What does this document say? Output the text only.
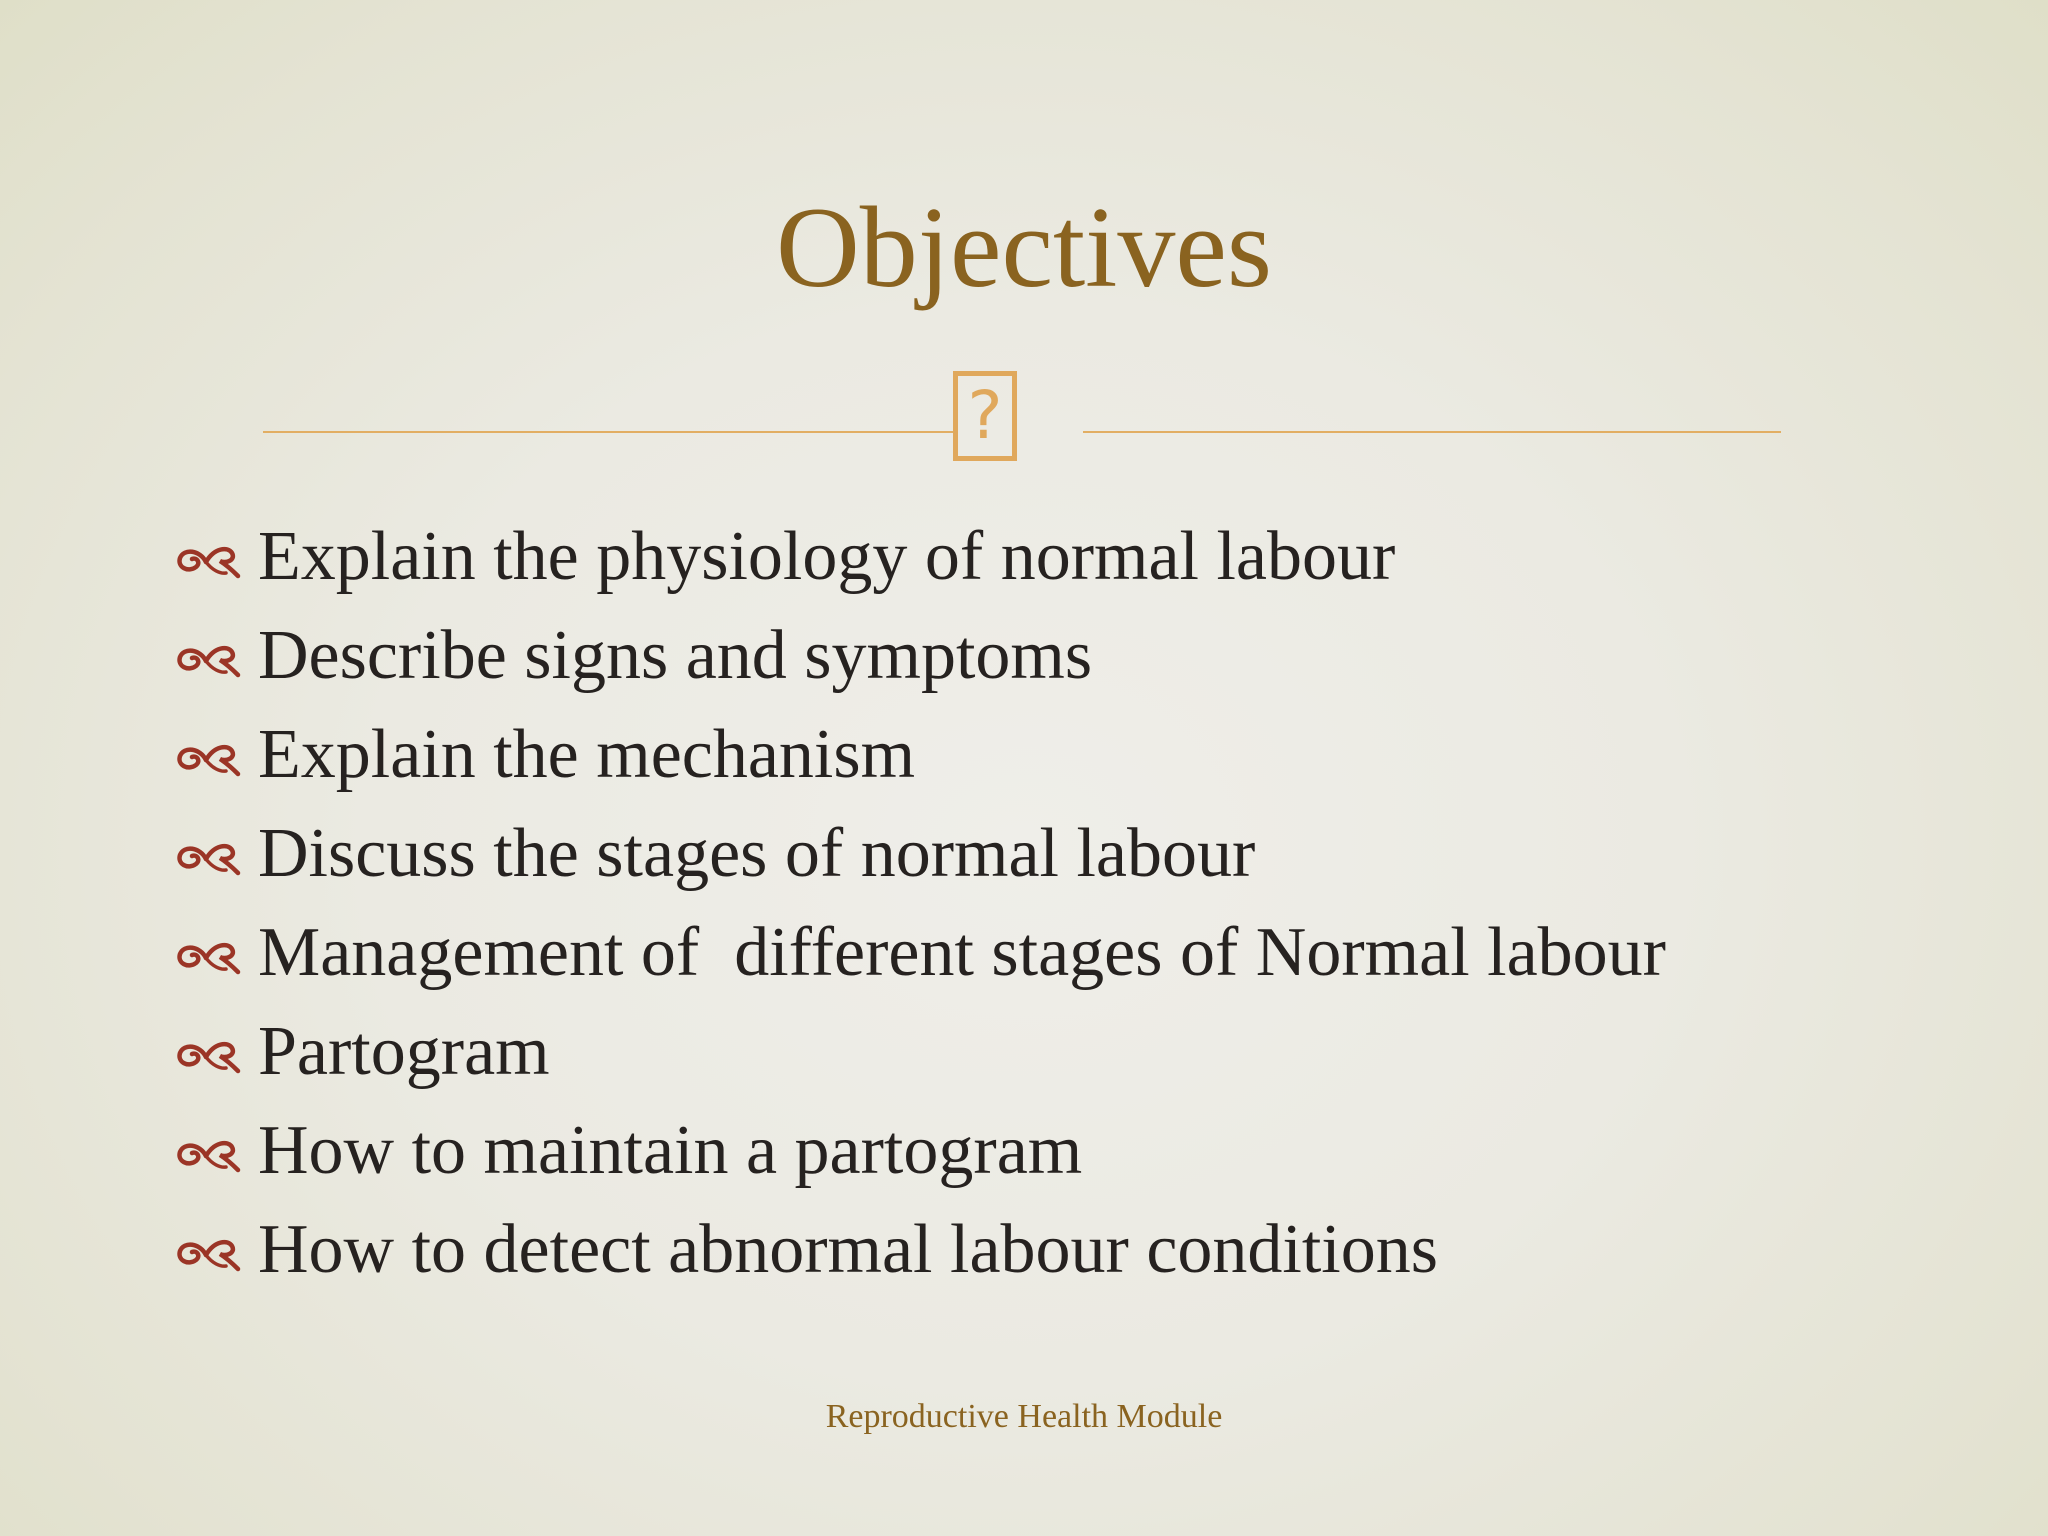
Objectives
?
Explain the physiology of normal labour
Describe signs and symptoms
Explain the mechanism
Discuss the stages of normal labour
Management of  different stages of Normal labour
Partogram
How to maintain a partogram
How to detect abnormal labour conditions
Reproductive Health Module
